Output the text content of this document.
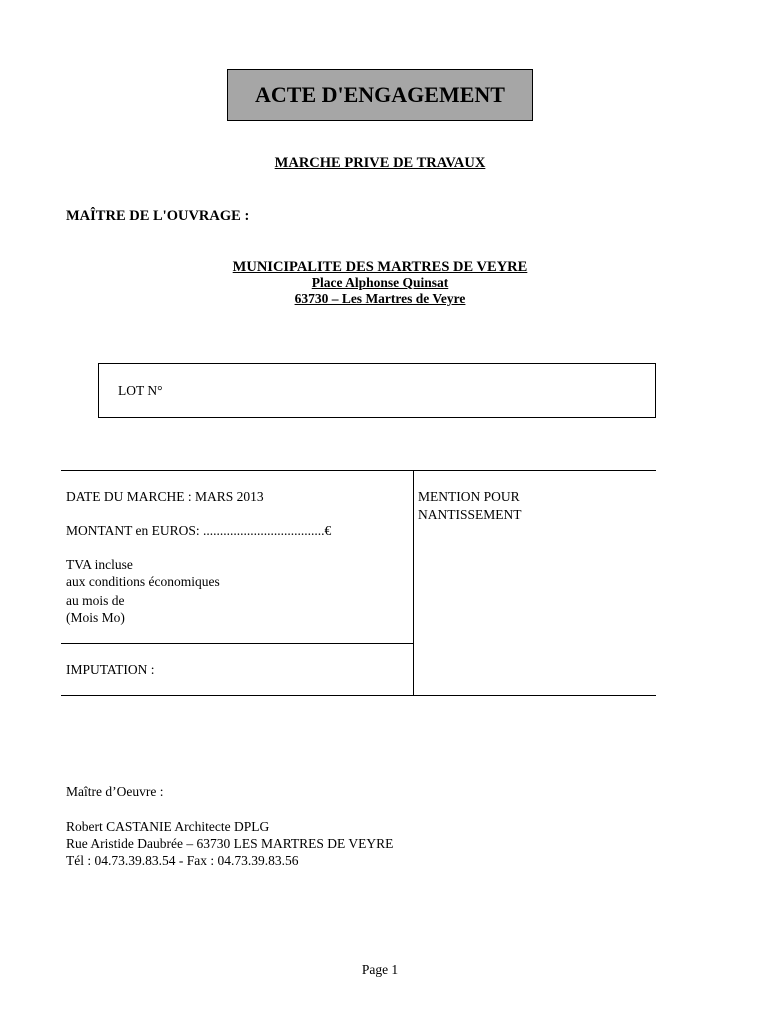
ACTE D'ENGAGEMENT
MARCHE PRIVE DE TRAVAUX
MAÎTRE DE L'OUVRAGE :
MUNICIPALITE DES MARTRES DE VEYRE
Place Alphonse Quinsat
63730 – Les Martres de Veyre
LOT N°
DATE DU MARCHE : MARS 2013
MONTANT en EUROS: ....................................€
TVA incluse
aux conditions économiques
au mois de
(Mois Mo)
IMPUTATION :
MENTION POUR
NANTISSEMENT
Maître d’Oeuvre :
Robert CASTANIE Architecte DPLG
Rue Aristide Daubrée – 63730 LES MARTRES DE VEYRE
Tél : 04.73.39.83.54 - Fax : 04.73.39.83.56
Page 1
